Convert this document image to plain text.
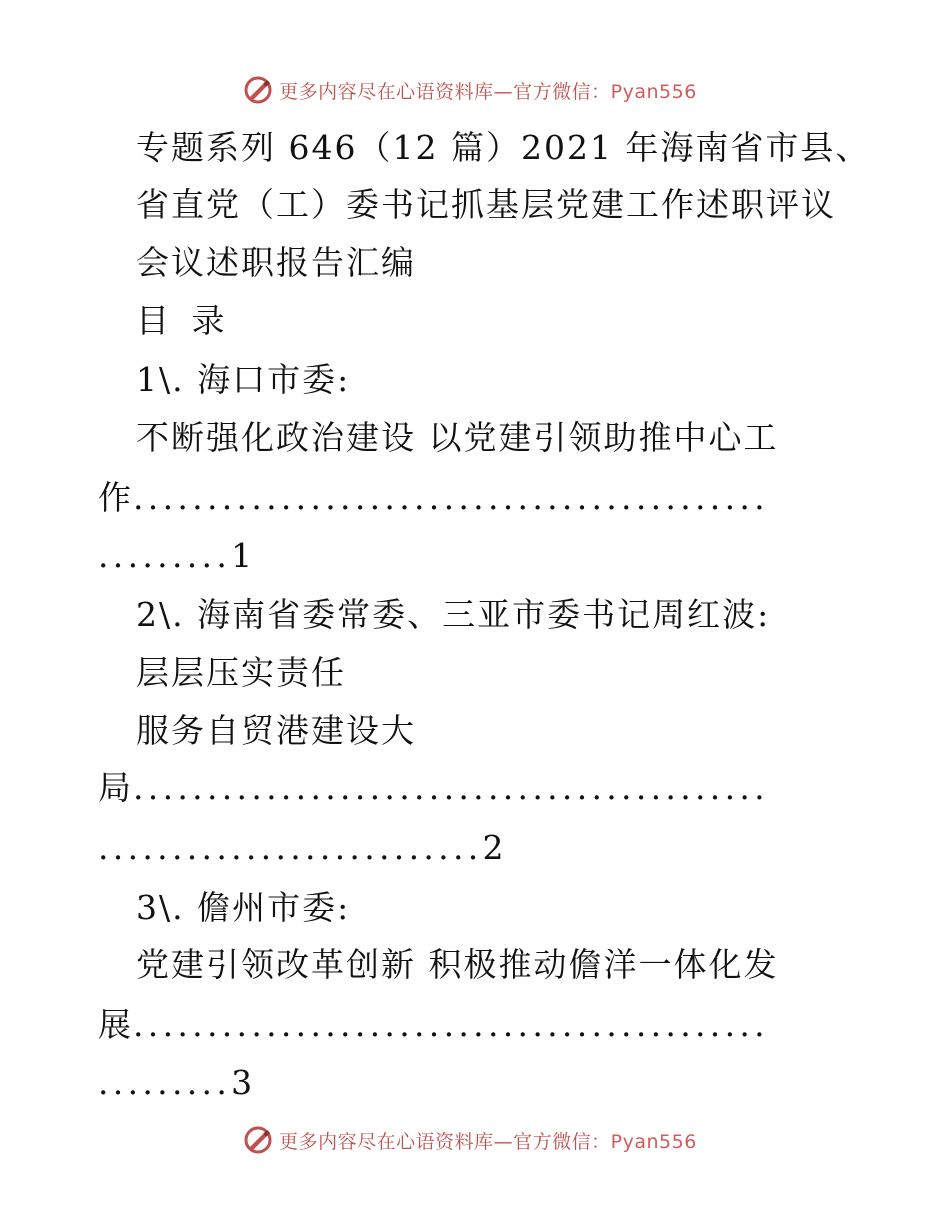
更多内容尽在心语资料库—官方微信：Pyan556
专题系列 646（12 篇）2021 年海南省市县、
省直党（工）委书记抓基层党建工作述职评议
会议述职报告汇编
目 录
1\. 海口市委:
不断强化政治建设 以党建引领助推中心工
作...........................................
.........1
2\. 海南省委常委、三亚市委书记周红波:
层层压实责任
服务自贸港建设大
局...........................................
..........................2
3\. 儋州市委:
党建引领改革创新 积极推动儋洋一体化发
展...........................................
.........3
更多内容尽在心语资料库—官方微信：Pyan556
